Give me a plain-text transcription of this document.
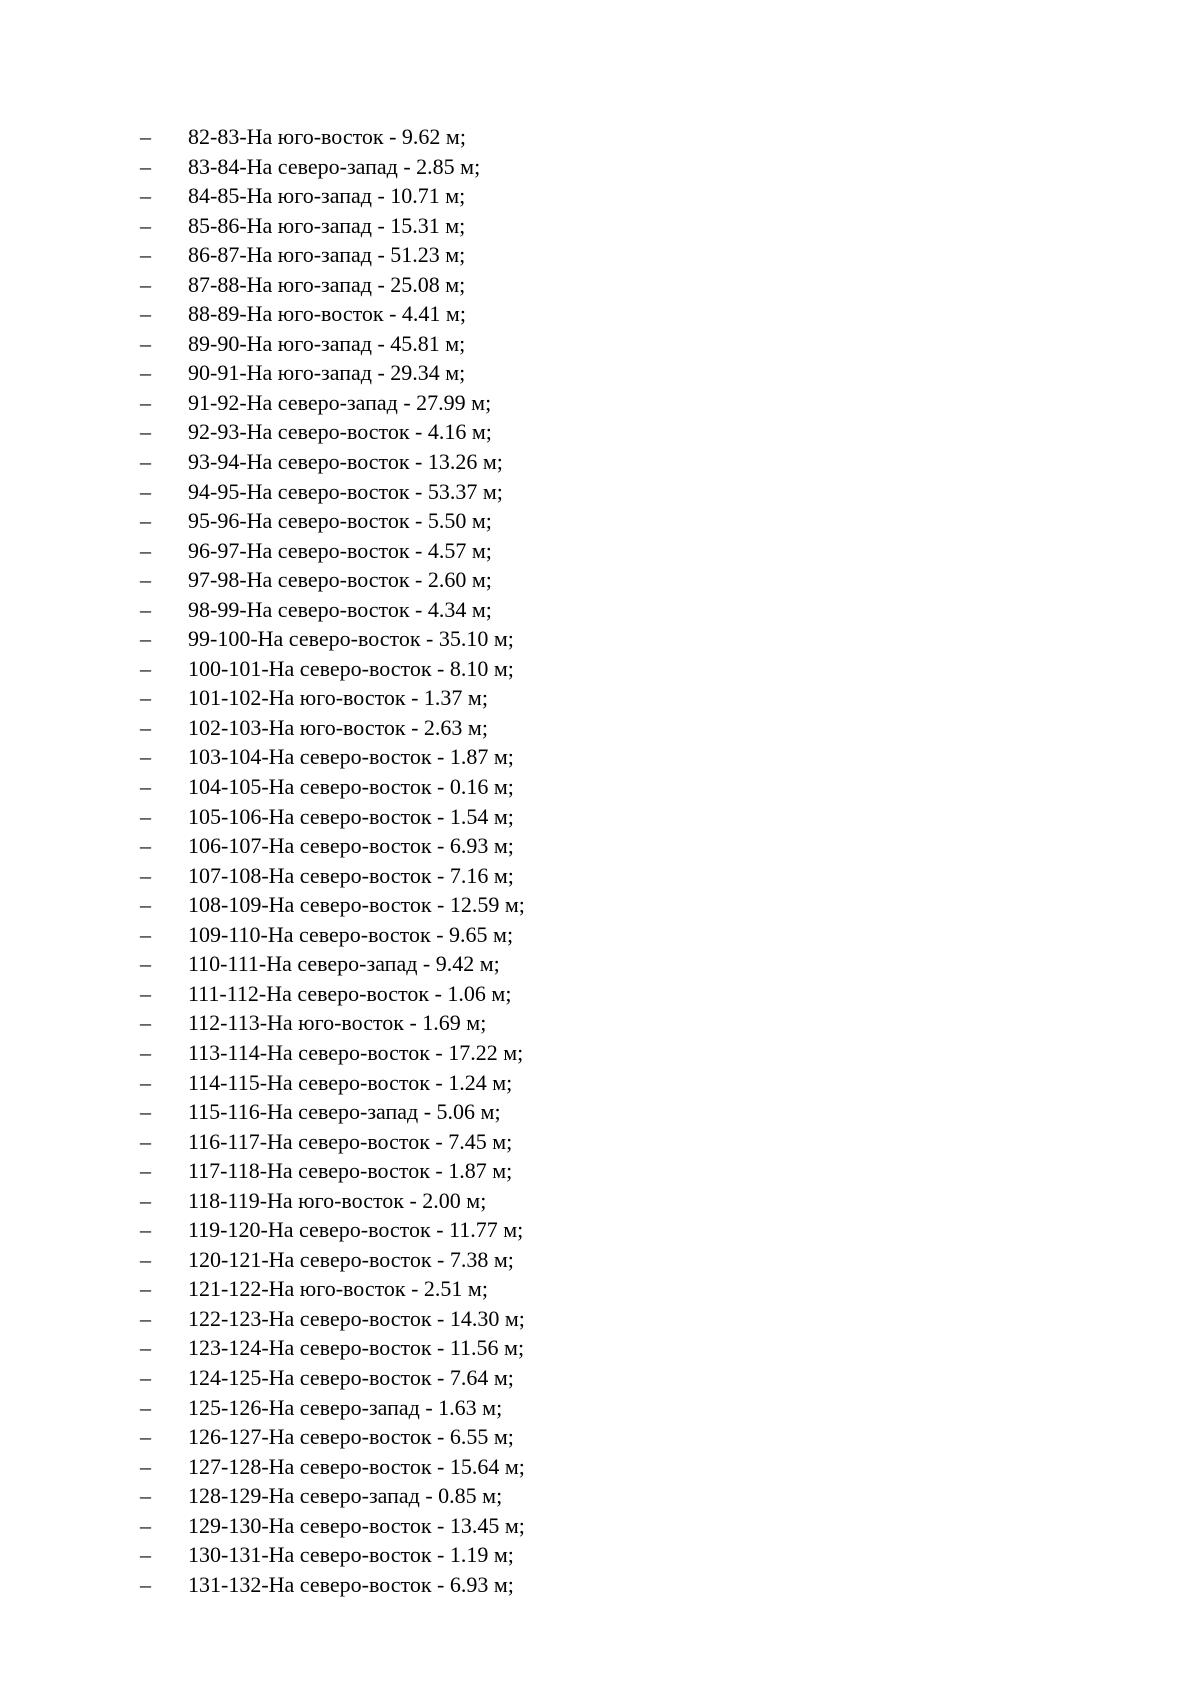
–	82-83-На юго-восток - 9.62 м;
–	83-84-На северо-запад - 2.85 м;
–	84-85-На юго-запад - 10.71 м;
–	85-86-На юго-запад - 15.31 м;
–	86-87-На юго-запад - 51.23 м;
–	87-88-На юго-запад - 25.08 м;
–	88-89-На юго-восток - 4.41 м;
–	89-90-На юго-запад - 45.81 м;
–	90-91-На юго-запад - 29.34 м;
–	91-92-На северо-запад - 27.99 м;
–	92-93-На северо-восток - 4.16 м;
–	93-94-На северо-восток - 13.26 м;
–	94-95-На северо-восток - 53.37 м;
–	95-96-На северо-восток - 5.50 м;
–	96-97-На северо-восток - 4.57 м;
–	97-98-На северо-восток - 2.60 м;
–	98-99-На северо-восток - 4.34 м;
–	99-100-На северо-восток - 35.10 м;
–	100-101-На северо-восток - 8.10 м;
–	101-102-На юго-восток - 1.37 м;
–	102-103-На юго-восток - 2.63 м;
–	103-104-На северо-восток - 1.87 м;
–	104-105-На северо-восток - 0.16 м;
–	105-106-На северо-восток - 1.54 м;
–	106-107-На северо-восток - 6.93 м;
–	107-108-На северо-восток - 7.16 м;
–	108-109-На северо-восток - 12.59 м;
–	109-110-На северо-восток - 9.65 м;
–	110-111-На северо-запад - 9.42 м;
–	111-112-На северо-восток - 1.06 м;
–	112-113-На юго-восток - 1.69 м;
–	113-114-На северо-восток - 17.22 м;
–	114-115-На северо-восток - 1.24 м;
–	115-116-На северо-запад - 5.06 м;
–	116-117-На северо-восток - 7.45 м;
–	117-118-На северо-восток - 1.87 м;
–	118-119-На юго-восток - 2.00 м;
–	119-120-На северо-восток - 11.77 м;
–	120-121-На северо-восток - 7.38 м;
–	121-122-На юго-восток - 2.51 м;
–	122-123-На северо-восток - 14.30 м;
–	123-124-На северо-восток - 11.56 м;
–	124-125-На северо-восток - 7.64 м;
–	125-126-На северо-запад - 1.63 м;
–	126-127-На северо-восток - 6.55 м;
–	127-128-На северо-восток - 15.64 м;
–	128-129-На северо-запад - 0.85 м;
–	129-130-На северо-восток - 13.45 м;
–	130-131-На северо-восток - 1.19 м;
–	131-132-На северо-восток - 6.93 м;
